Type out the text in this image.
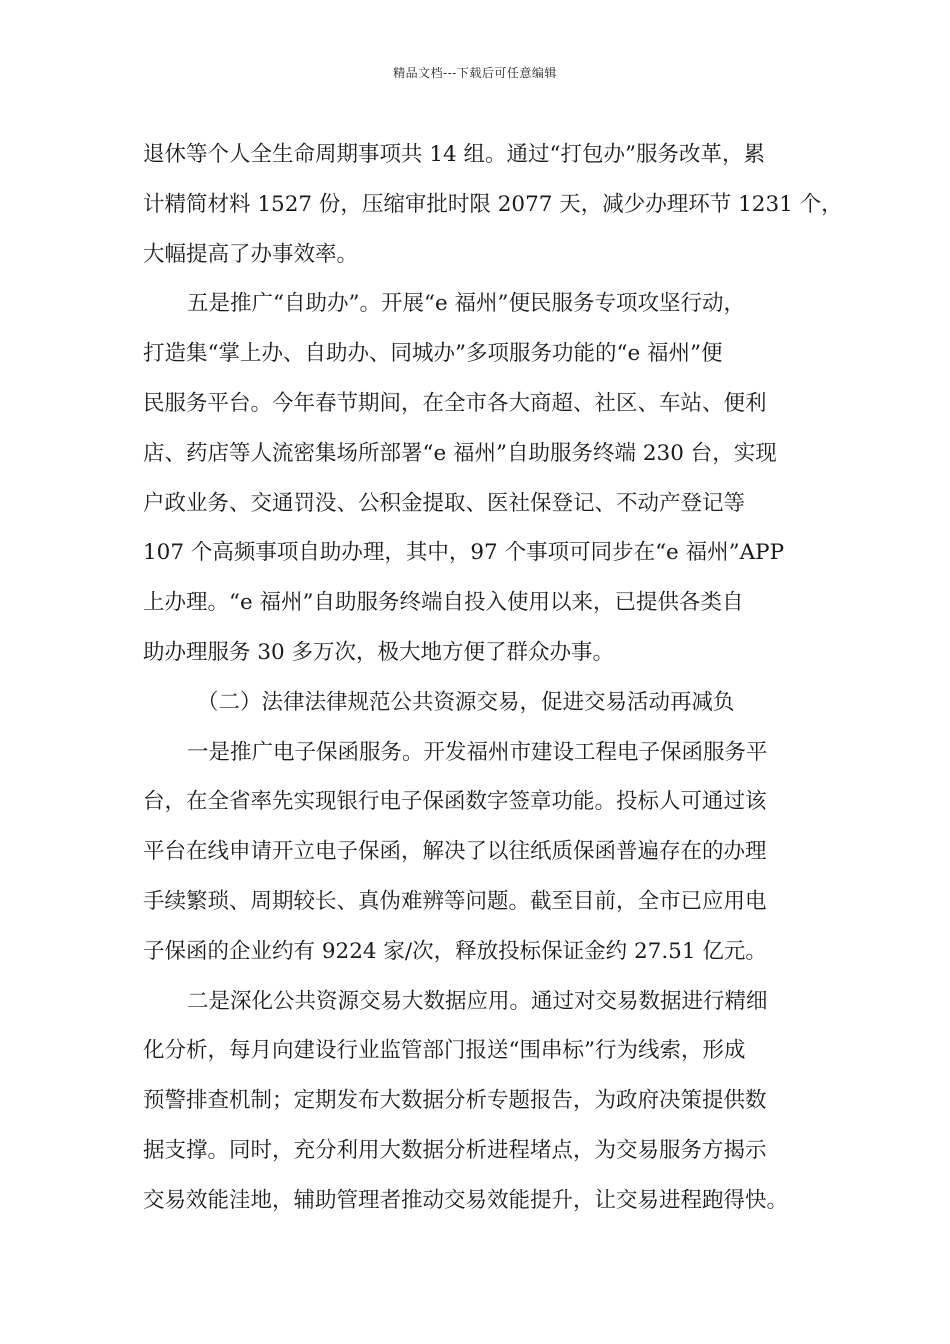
精品文档---下载后可任意编辑
退休等个人全生命周期事项共 14 组。通过“打包办”服务改革，累
计精简材料 1527 份，压缩审批时限 2077 天，减少办理环节 1231 个，
大幅提高了办事效率。
五是推广“自助办”。开展“e 福州”便民服务专项攻坚行动，
打造集“掌上办、自助办、同城办”多项服务功能的“e 福州”便
民服务平台。今年春节期间，在全市各大商超、社区、车站、便利
店、药店等人流密集场所部署“e 福州”自助服务终端 230 台，实现
户政业务、交通罚没、公积金提取、医社保登记、不动产登记等
107 个高频事项自助办理，其中，97 个事项可同步在“e 福州”APP
上办理。“e 福州”自助服务终端自投入使用以来，已提供各类自
助办理服务 30 多万次，极大地方便了群众办事。
（二）法律法律规范公共资源交易，促进交易活动再减负
一是推广电子保函服务。开发福州市建设工程电子保函服务平
台，在全省率先实现银行电子保函数字签章功能。投标人可通过该
平台在线申请开立电子保函，解决了以往纸质保函普遍存在的办理
手续繁琐、周期较长、真伪难辨等问题。截至目前，全市已应用电
子保函的企业约有 9224 家/次，释放投标保证金约 27.51 亿元。
二是深化公共资源交易大数据应用。通过对交易数据进行精细
化分析，每月向建设行业监管部门报送“围串标”行为线索，形成
预警排查机制；定期发布大数据分析专题报告，为政府决策提供数
据支撑。同时，充分利用大数据分析进程堵点，为交易服务方揭示
交易效能洼地，辅助管理者推动交易效能提升，让交易进程跑得快。
